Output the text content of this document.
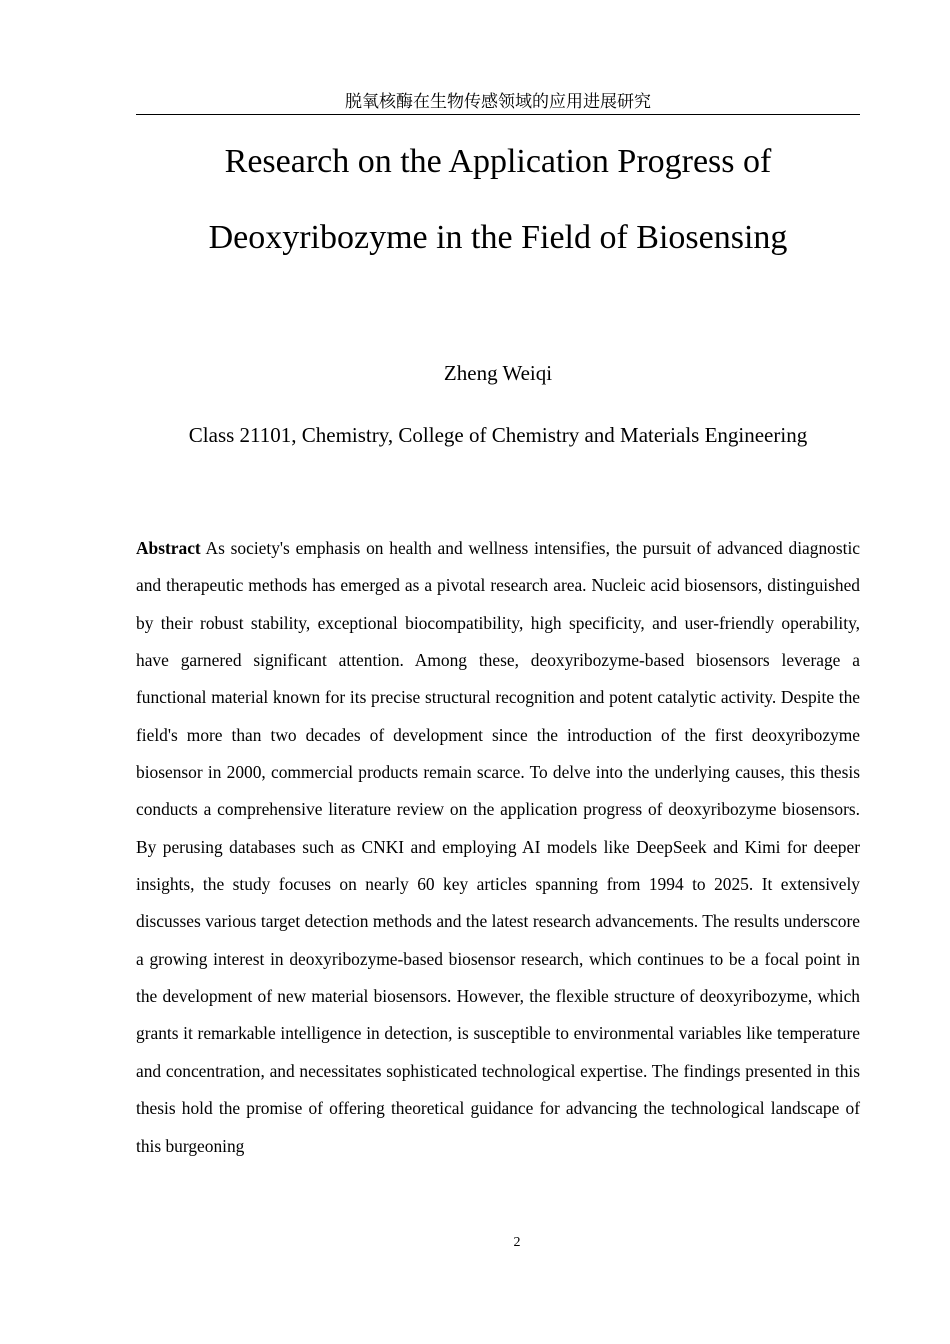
脱氧核酶在生物传感领域的应用进展研究
Research on the Application Progress of
Deoxyribozyme in the Field of Biosensing
Zheng Weiqi
Class 21101, Chemistry, College of Chemistry and Materials Engineering
Abstract As society's emphasis on health and wellness intensifies, the pursuit of advanced diagnostic and therapeutic methods has emerged as a pivotal research area. Nucleic acid biosensors, distinguished by their robust stability, exceptional biocompatibility, high specificity, and user-friendly operability, have garnered significant attention. Among these, deoxyribozyme-based biosensors leverage a functional material known for its precise structural recognition and potent catalytic activity. Despite the field's more than two decades of development since the introduction of the first deoxyribozyme biosensor in 2000, commercial products remain scarce. To delve into the underlying causes, this thesis conducts a comprehensive literature review on the application progress of deoxyribozyme biosensors. By perusing databases such as CNKI and employing AI models like DeepSeek and Kimi for deeper insights, the study focuses on nearly 60 key articles spanning from 1994 to 2025. It extensively discusses various target detection methods and the latest research advancements. The results underscore a growing interest in deoxyribozyme-based biosensor research, which continues to be a focal point in the development of new material biosensors. However, the flexible structure of deoxyribozyme, which grants it remarkable intelligence in detection, is susceptible to environmental variables like temperature and concentration, and necessitates sophisticated technological expertise. The findings presented in this thesis hold the promise of offering theoretical guidance for advancing the technological landscape of this burgeoning
2
